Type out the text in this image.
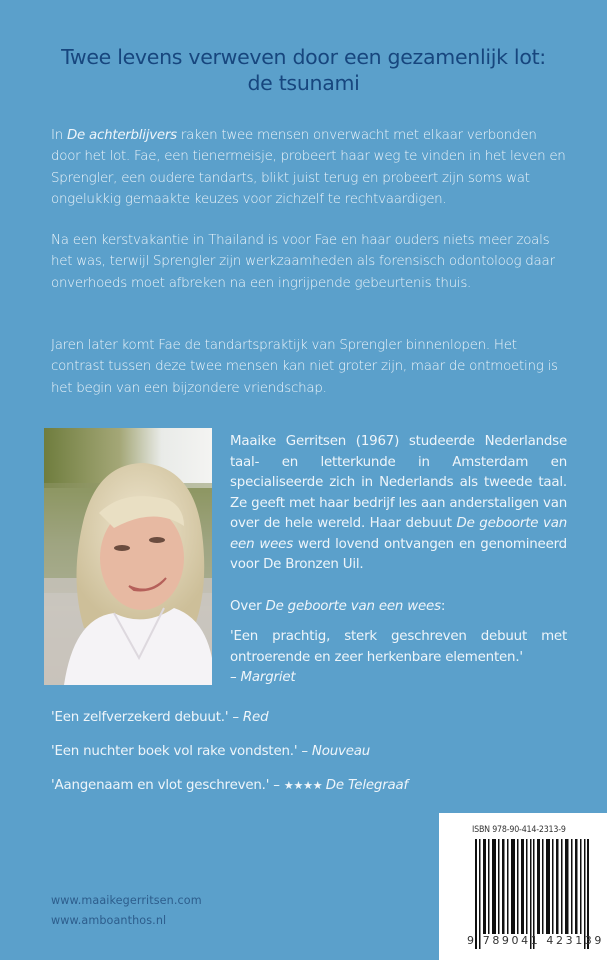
Twee levens verweven door een gezamenlijk lot:
de tsunami
In De achterblijvers raken twee mensen onverwacht met elkaar verbonden door het lot. Fae, een tienermeisje, probeert haar weg te vinden in het leven en Sprengler, een oudere tandarts, blikt juist terug en probeert zijn soms wat ongelukkig gemaakte keuzes voor zichzelf te rechtvaardigen.
Na een kerstvakantie in Thailand is voor Fae en haar ouders niets meer zoals het was, terwijl Sprengler zijn werkzaamheden als forensisch odontoloog daar onverhoeds moet afbreken na een ingrijpende gebeurtenis thuis.
Jaren later komt Fae de tandartspraktijk van Sprengler binnenlopen. Het contrast tussen deze twee mensen kan niet groter zijn, maar de ontmoeting is het begin van een bijzondere vriendschap.
Maaike Gerritsen (1967) studeerde Nederlandse taal- en letterkunde in Amsterdam en specialiseerde zich in Nederlands als tweede taal. Ze geeft met haar bedrijf les aan anderstaligen van over de hele wereld. Haar debuut De geboorte van een wees werd lovend ontvangen en genomineerd voor De Bronzen Uil.
Over De geboorte van een wees:
'Een prachtig, sterk geschreven debuut met ontroerende en zeer herkenbare elementen.'
– Margriet
'Een zelfverzekerd debuut.' – Red
'Een nuchter boek vol rake vondsten.' – Nouveau
'Aangenaam en vlot geschreven.' – ★★★★ De Telegraaf
www.maaikegerritsen.com
www.amboanthos.nl
ISBN 978-90-414-2313-9
9 789041 423139
